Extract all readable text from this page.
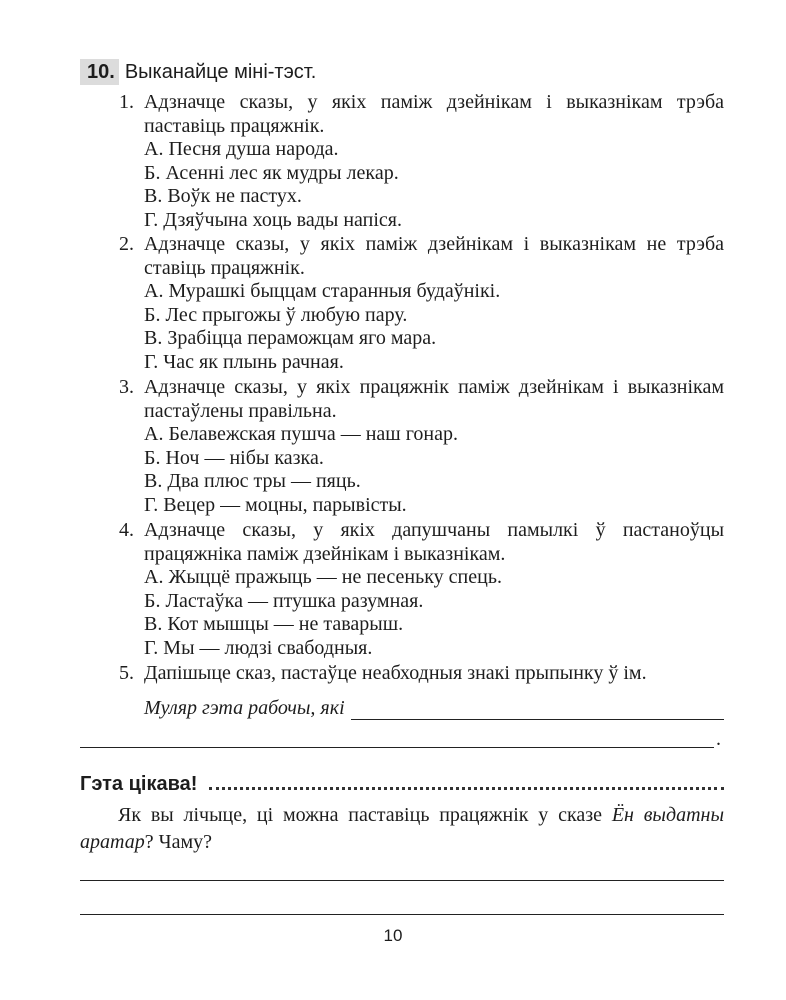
10. Выканайце міні-тэст.
1. Адзначце сказы, у якіх паміж дзейнікам і выказнікам трэба паставіць працяжнік.
А. Песня душа народа.
Б. Асенні лес як мудры лекар.
В. Воўк не пастух.
Г. Дзяўчына хоць вады напіся.
2. Адзначце сказы, у якіх паміж дзейнікам і выказнікам не трэба ставіць працяжнік.
А. Мурашкі быццам старанныя будаўнікі.
Б. Лес прыгожы ў любую пару.
В. Зрабіцца пераможцам яго мара.
Г. Час як плынь рачная.
3. Адзначце сказы, у якіх працяжнік паміж дзейнікам і выказнікам пастаўлены правільна.
А. Белавежская пушча — наш гонар.
Б. Ноч — нібы казка.
В. Два плюс тры — пяць.
Г. Вецер — моцны, парывісты.
4. Адзначце сказы, у якіх дапушчаны памылкі ў пастаноўцы працяжніка паміж дзейнікам і выказнікам.
А. Жыццё пражыць — не песеньку спець.
Б. Ластаўка — птушка разумная.
В. Кот мышцы — не таварыш.
Г. Мы — людзі свабодныя.
5. Дапішыце сказ, пастаўце неабходныя знакі прыпынку ў ім.
Муляр гэта рабочы, які
.
Гэта цікава!
Як вы лічыце, ці можна паставіць працяжнік у сказе Ён выдатны аратар? Чаму?
10
